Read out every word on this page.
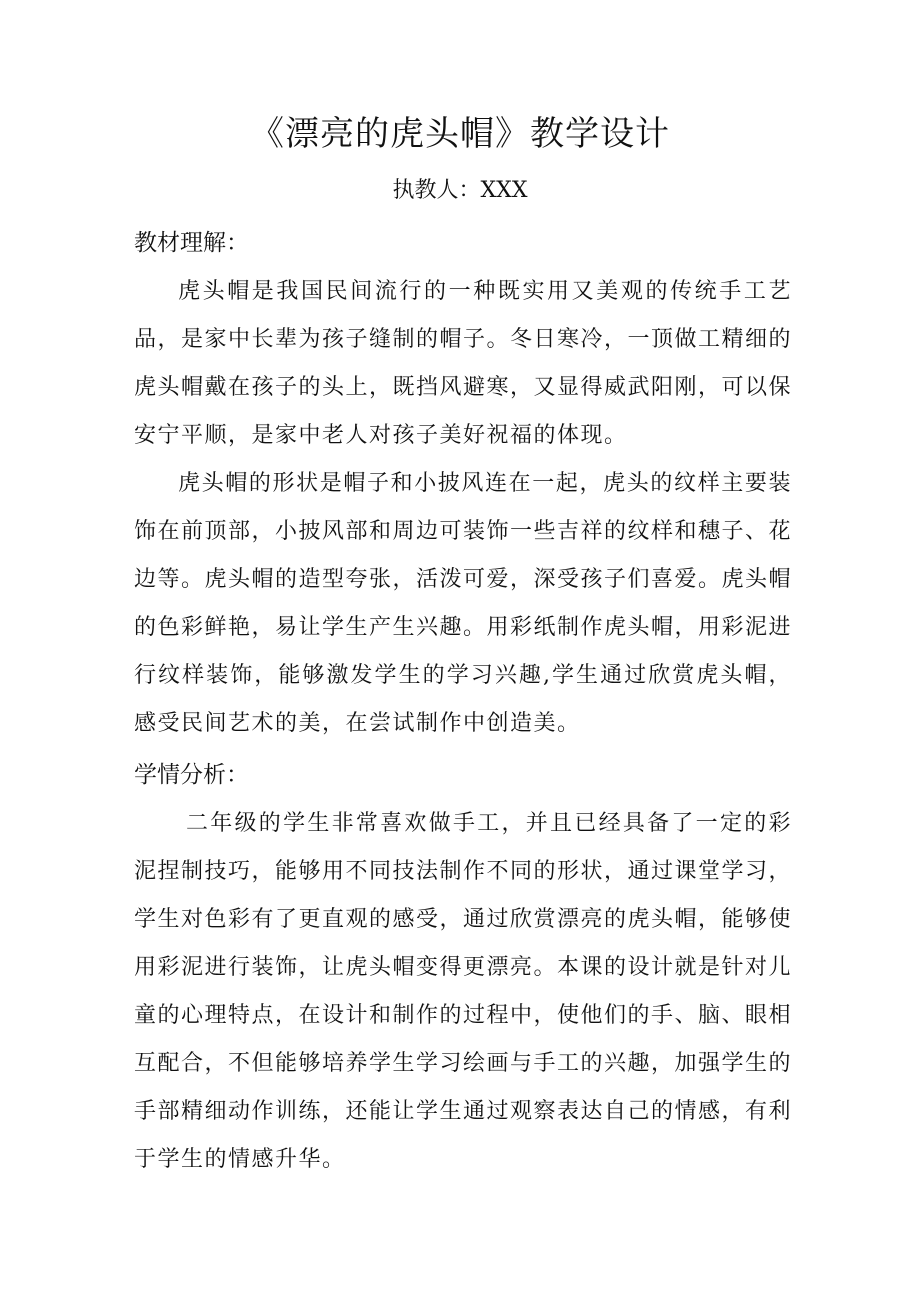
《漂亮的虎头帽》教学设计
执教人：XXX
教材理解：

虎头帽是我国民间流行的一种既实用又美观的传统手工艺品，是家中长辈为孩子缝制的帽子。冬日寒冷，一顶做工精细的虎头帽戴在孩子的头上，既挡风避寒，又显得威武阳刚，可以保安宁平顺，是家中老人对孩子美好祝福的体现。

虎头帽的形状是帽子和小披风连在一起，虎头的纹样主要装饰在前顶部，小披风部和周边可装饰一些吉祥的纹样和穗子、花边等。虎头帽的造型夸张，活泼可爱，深受孩子们喜爱。虎头帽的色彩鲜艳，易让学生产生兴趣。用彩纸制作虎头帽，用彩泥进行纹样装饰，能够激发学生的学习兴趣,学生通过欣赏虎头帽，感受民间艺术的美，在尝试制作中创造美。

学情分析：

二年级的学生非常喜欢做手工，并且已经具备了一定的彩泥捏制技巧，能够用不同技法制作不同的形状，通过课堂学习，学生对色彩有了更直观的感受，通过欣赏漂亮的虎头帽，能够使用彩泥进行装饰，让虎头帽变得更漂亮。本课的设计就是针对儿童的心理特点，在设计和制作的过程中，使他们的手、脑、眼相互配合，不但能够培养学生学习绘画与手工的兴趣，加强学生的手部精细动作训练，还能让学生通过观察表达自己的情感，有利于学生的情感升华。
